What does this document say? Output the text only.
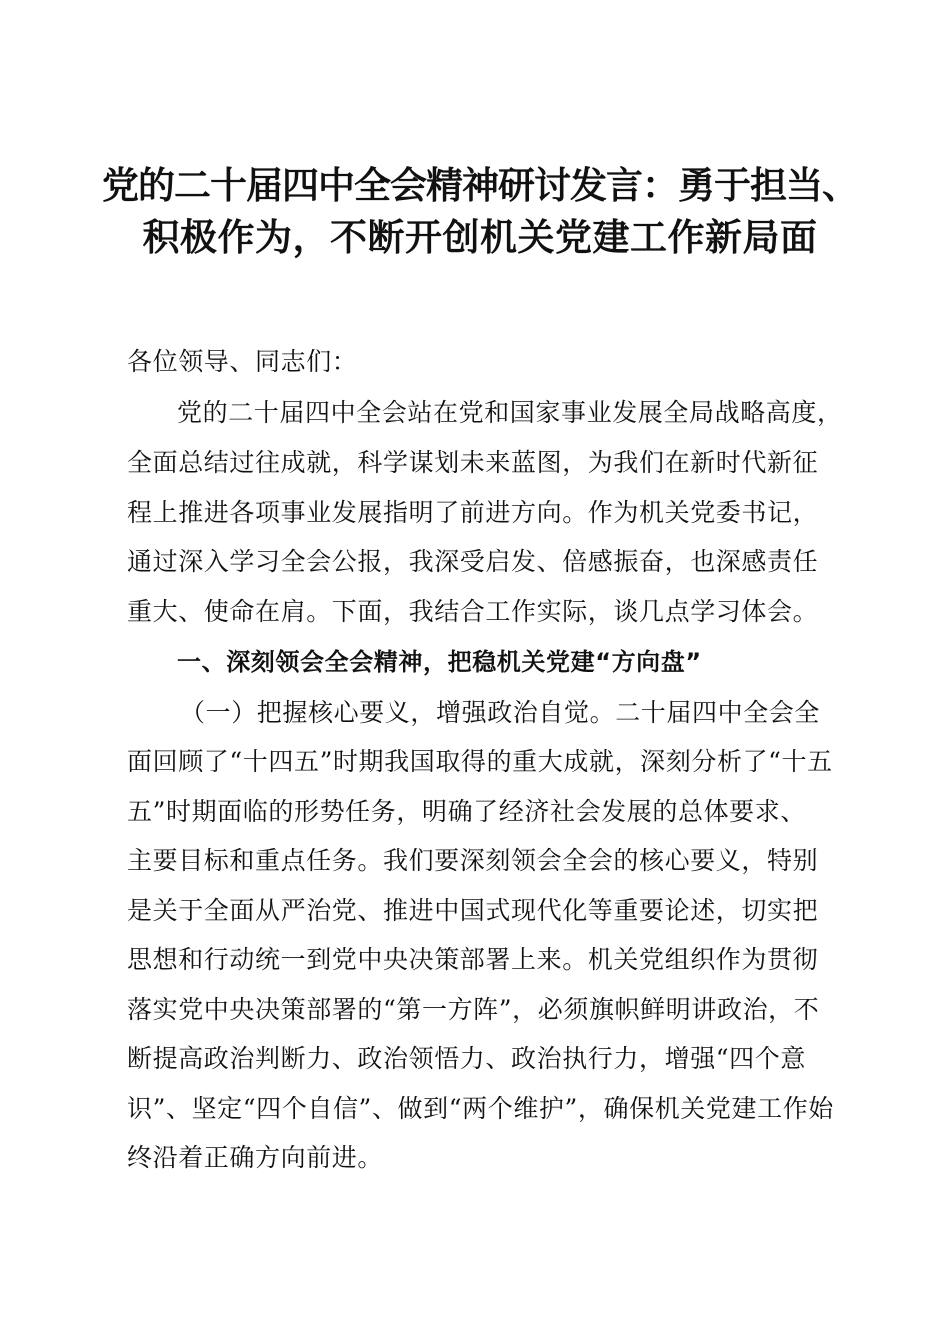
党的二十届四中全会精神研讨发言：勇于担当、
积极作为，不断开创机关党建工作新局面
各位领导、同志们：
党的二十届四中全会站在党和国家事业发展全局战略高度，
全面总结过往成就，科学谋划未来蓝图，为我们在新时代新征
程上推进各项事业发展指明了前进方向。作为机关党委书记，
通过深入学习全会公报，我深受启发、倍感振奋，也深感责任
重大、使命在肩。下面，我结合工作实际，谈几点学习体会。
一、深刻领会全会精神，把稳机关党建“方向盘”
（一）把握核心要义，增强政治自觉。二十届四中全会全
面回顾了“十四五”时期我国取得的重大成就，深刻分析了“十五
五”时期面临的形势任务，明确了经济社会发展的总体要求、
主要目标和重点任务。我们要深刻领会全会的核心要义，特别
是关于全面从严治党、推进中国式现代化等重要论述，切实把
思想和行动统一到党中央决策部署上来。机关党组织作为贯彻
落实党中央决策部署的“第一方阵”，必须旗帜鲜明讲政治，不
断提高政治判断力、政治领悟力、政治执行力，增强“四个意
识”、坚定“四个自信”、做到“两个维护”，确保机关党建工作始
终沿着正确方向前进。
